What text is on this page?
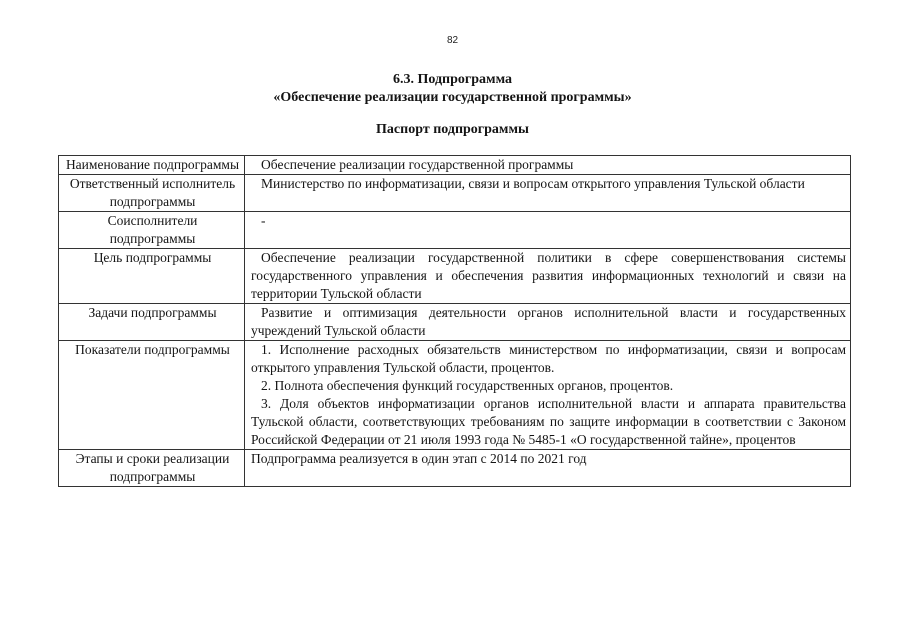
82
6.3. Подпрограмма
«Обеспечение реализации государственной программы»
Паспорт подпрограммы
Наименование подпрограммы	Обеспечение реализации государственной программы

Ответственный исполнитель подпрограммы	Министерство по информатизации, связи и вопросам открытого управления Тульской области

Соисполнители подпрограммы	-

Цель подпрограммы	Обеспечение реализации государственной политики в сфере совершенствования системы государственного управления и обеспечения развития информационных технологий и связи на территории Тульской области

Задачи подпрограммы	Развитие и оптимизация деятельности органов исполнительной власти и государственных учреждений Тульской области

Показатели подпрограммы	1. Исполнение расходных обязательств министерством по информатизации, связи и вопросам открытого управления Тульской области, процентов.

2. Полнота обеспечения функций государственных органов, процентов.

3. Доля объектов информатизации органов исполнительной власти и аппарата правительства Тульской области, соответствующих требованиям по защите информации в соответствии с Законом Российской Федерации от 21 июля 1993 года № 5485-1 «О государственной тайне», процентов

Этапы и сроки реализации подпрограммы	Подпрограмма реализуется в один этап с 2014 по 2021 год
